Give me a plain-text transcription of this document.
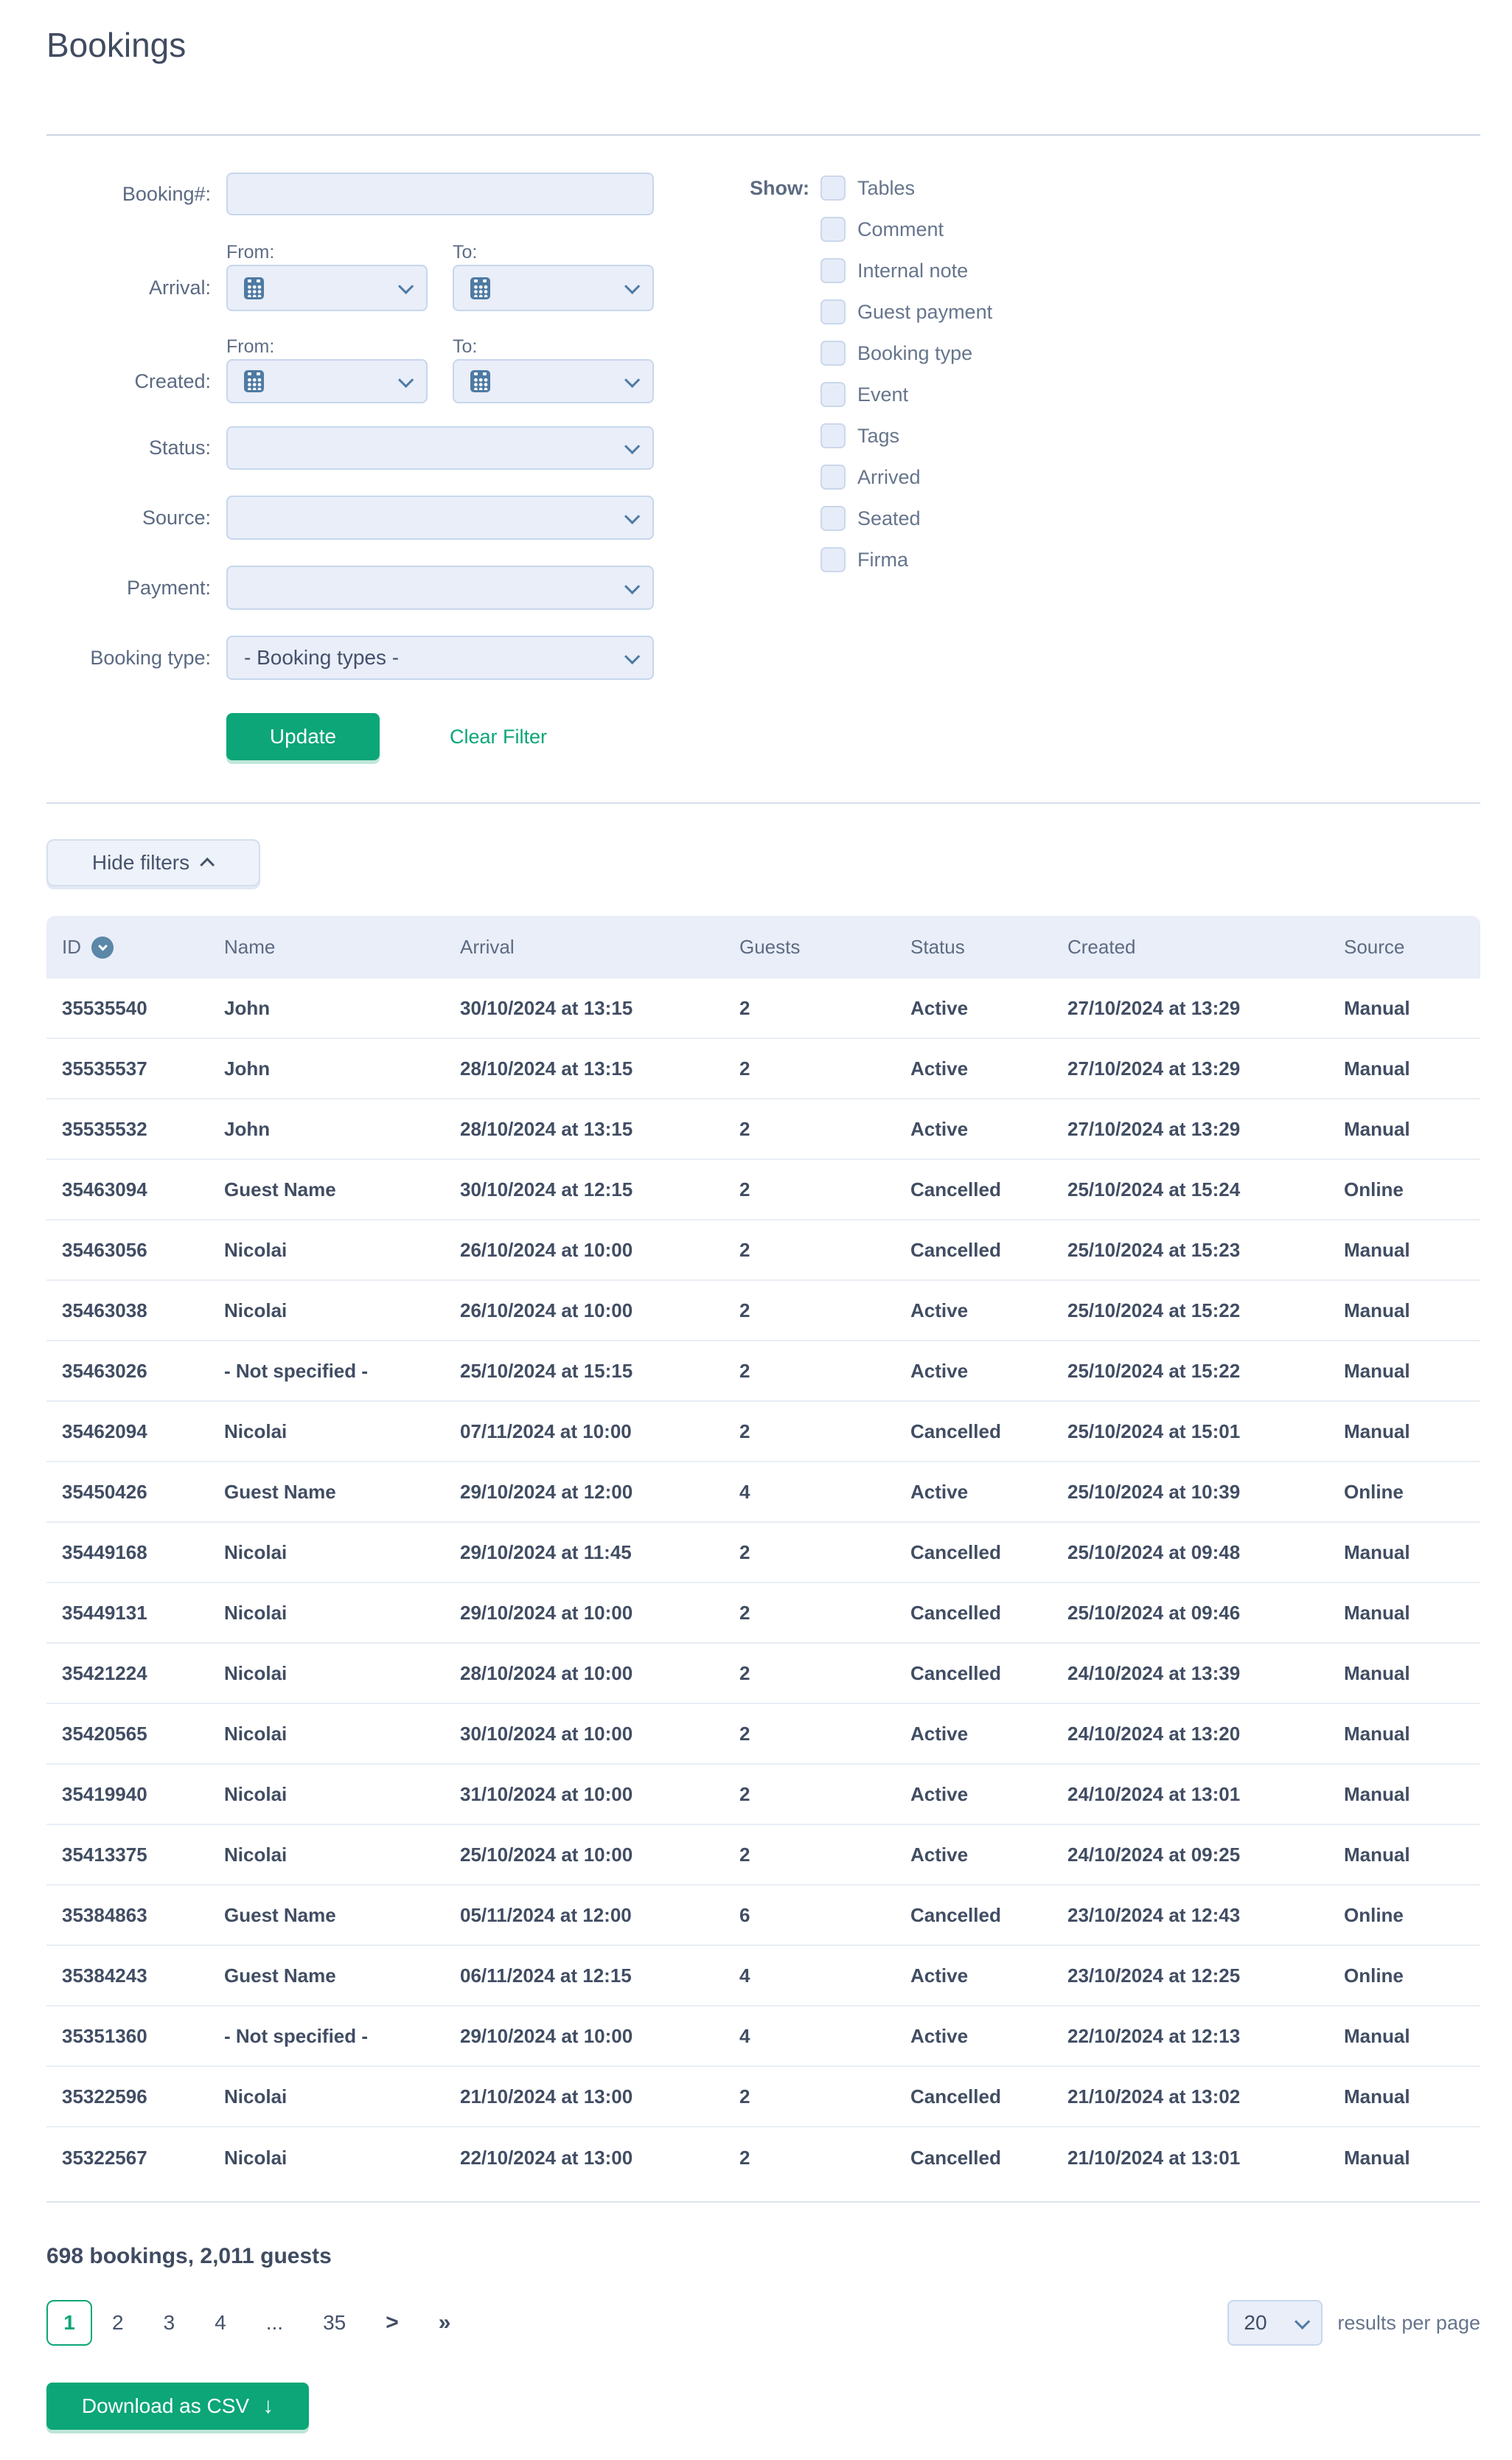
Bookings
Booking#:
From:	To:
Arrival:
From:	To:
Created:
Status:
Source:
Payment:
Booking type: - Booking types -
Update	Clear Filter
Show: Tables
Comment
Internal note
Guest payment
Booking type
Event
Tags
Arrived
Seated
Firma
Hide filters
ID	Name	Arrival	Guests	Status	Created	Source
35535540	John	30/10/2024 at 13:15	2	Active	27/10/2024 at 13:29	Manual
35535537	John	28/10/2024 at 13:15	2	Active	27/10/2024 at 13:29	Manual
35535532	John	28/10/2024 at 13:15	2	Active	27/10/2024 at 13:29	Manual
35463094	Guest Name	30/10/2024 at 12:15	2	Cancelled	25/10/2024 at 15:24	Online
35463056	Nicolai	26/10/2024 at 10:00	2	Cancelled	25/10/2024 at 15:23	Manual
35463038	Nicolai	26/10/2024 at 10:00	2	Active	25/10/2024 at 15:22	Manual
35463026	- Not specified -	25/10/2024 at 15:15	2	Active	25/10/2024 at 15:22	Manual
35462094	Nicolai	07/11/2024 at 10:00	2	Cancelled	25/10/2024 at 15:01	Manual
35450426	Guest Name	29/10/2024 at 12:00	4	Active	25/10/2024 at 10:39	Online
35449168	Nicolai	29/10/2024 at 11:45	2	Cancelled	25/10/2024 at 09:48	Manual
35449131	Nicolai	29/10/2024 at 10:00	2	Cancelled	25/10/2024 at 09:46	Manual
35421224	Nicolai	28/10/2024 at 10:00	2	Cancelled	24/10/2024 at 13:39	Manual
35420565	Nicolai	30/10/2024 at 10:00	2	Active	24/10/2024 at 13:20	Manual
35419940	Nicolai	31/10/2024 at 10:00	2	Active	24/10/2024 at 13:01	Manual
35413375	Nicolai	25/10/2024 at 10:00	2	Active	24/10/2024 at 09:25	Manual
35384863	Guest Name	05/11/2024 at 12:00	6	Cancelled	23/10/2024 at 12:43	Online
35384243	Guest Name	06/11/2024 at 12:15	4	Active	23/10/2024 at 12:25	Online
35351360	- Not specified -	29/10/2024 at 10:00	4	Active	22/10/2024 at 12:13	Manual
35322596	Nicolai	21/10/2024 at 13:00	2	Cancelled	21/10/2024 at 13:02	Manual
35322567	Nicolai	22/10/2024 at 13:00	2	Cancelled	21/10/2024 at 13:01	Manual
698 bookings, 2,011 guests
1	2	3	4	...	35	>	»	20	results per page
Download as CSV ↓
